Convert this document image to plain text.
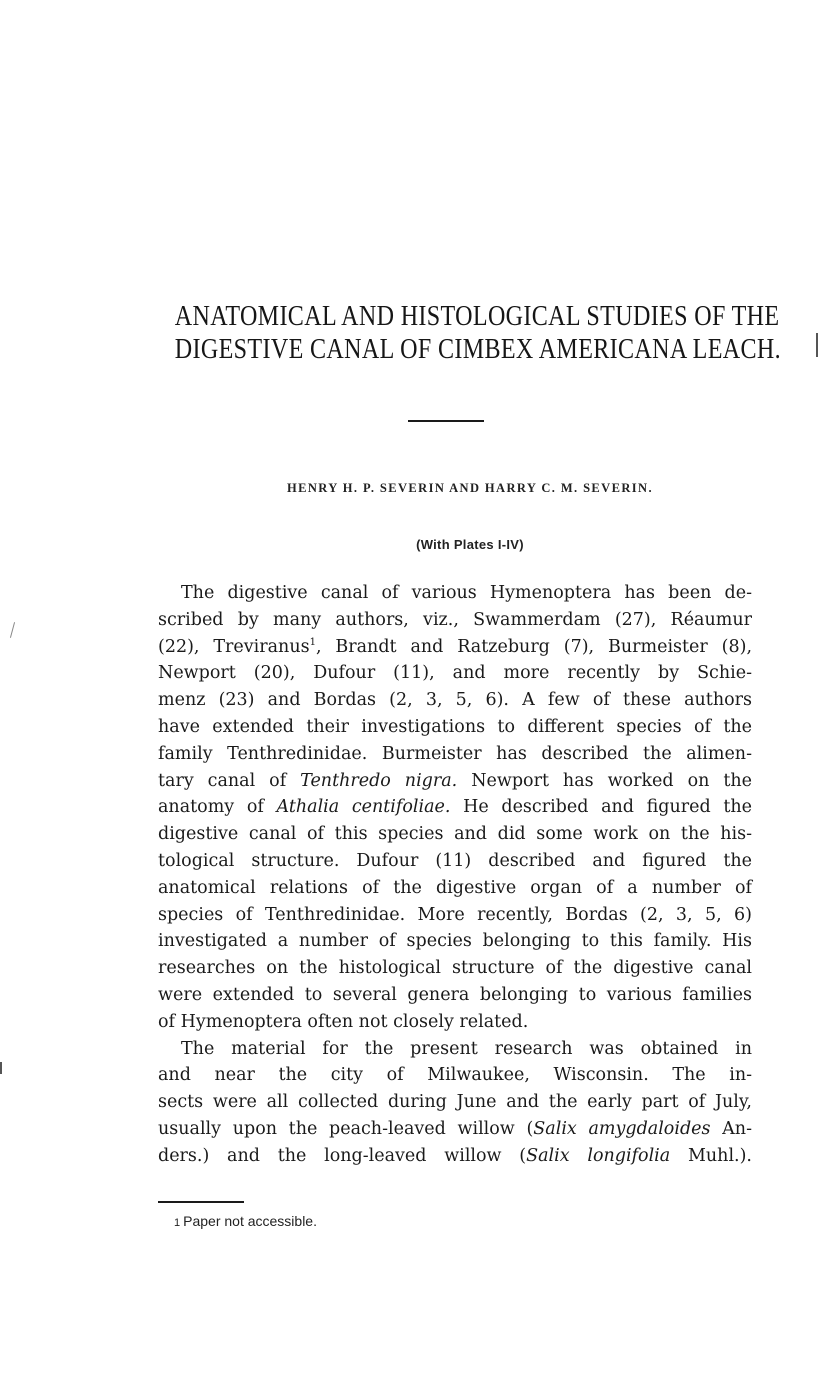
ANATOMICAL AND HISTOLOGICAL STUDIES OF THE
DIGESTIVE CANAL OF CIMBEX AMERICANA LEACH.
HENRY H. P. SEVERIN AND HARRY C. M. SEVERIN.
(With Plates I-IV)
The digestive canal of various Hymenoptera has been de-
scribed by many authors, viz., Swammerdam (27), Réaumur
(22), Treviranus$^1$, Brandt and Ratzeburg (7), Burmeister (8),
Newport (20), Dufour (11), and more recently by Schie-
menz (23) and Bordas (2, 3, 5, 6). A few of these authors
have extended their investigations to different species of the
family Tenthredinidae. Burmeister has described the alimen-
tary canal of Tenthredo nigra. Newport has worked on the
anatomy of Athalia centifoliae. He described and figured the
digestive canal of this species and did some work on the his-
tological structure. Dufour (11) described and figured the
anatomical relations of the digestive organ of a number of
species of Tenthredinidae. More recently, Bordas (2, 3, 5, 6)
investigated a number of species belonging to this family. His
researches on the histological structure of the digestive canal
were extended to several genera belonging to various families
of Hymenoptera often not closely related.
The material for the present research was obtained in
and near the city of Milwaukee, Wisconsin. The in-
sects were all collected during June and the early part of July,
usually upon the peach-leaved willow (Salix amygdaloides An-
ders.) and the long-leaved willow (Salix longifolia Muhl.).
1 Paper not accessible.
